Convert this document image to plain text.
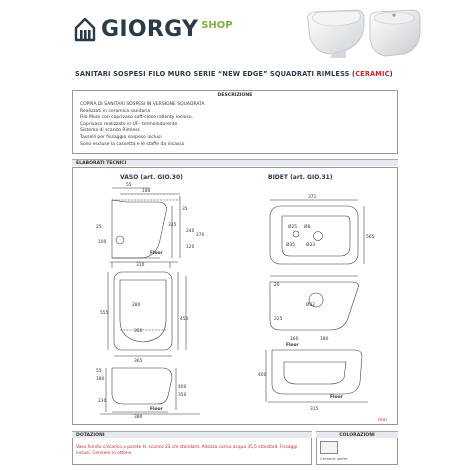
GIORGY SHOP
SANITARI SOSPESI FILO MURO SERIE “NEW EDGE” SQUADRATI RIMLESS (CERAMIC)
DESCRIZIONE
COPPIA DI SANITARI SOSPESI IN VERSIONE SQUADRATA
Realizzati in ceramica sanitaria
Filo Muro con coprivaso soft-close rallenty incluso.
Coprivaso realizzato in UF– termoindurente
Sistema di scarico Rimless
Tasselli per fissaggio sospeso inclusi
Sono escluse la cassetta e le staffe da incasso
ELABORATI TECNICI
VASO (art. GIO.30)	BIDET (art. GIO.31)
55
180
25
100
310
35
240
120
335
270
280
350
555
450
365
55
180
400
350
230
380
Floor
Floor
371
565
Ø25
Ø33
Ø35
Ø8
Ø32
400
225
160	180
20
315
Floor
Floor
mm
DOTAZIONI
Vaso fornito c/scarico a parete H. scarico 23 cm standard. Altezza carico acqua 35,5 standard. Fissaggi inclusi. Cerniere in ottone.
COLORAZIONI
Ceramic white
